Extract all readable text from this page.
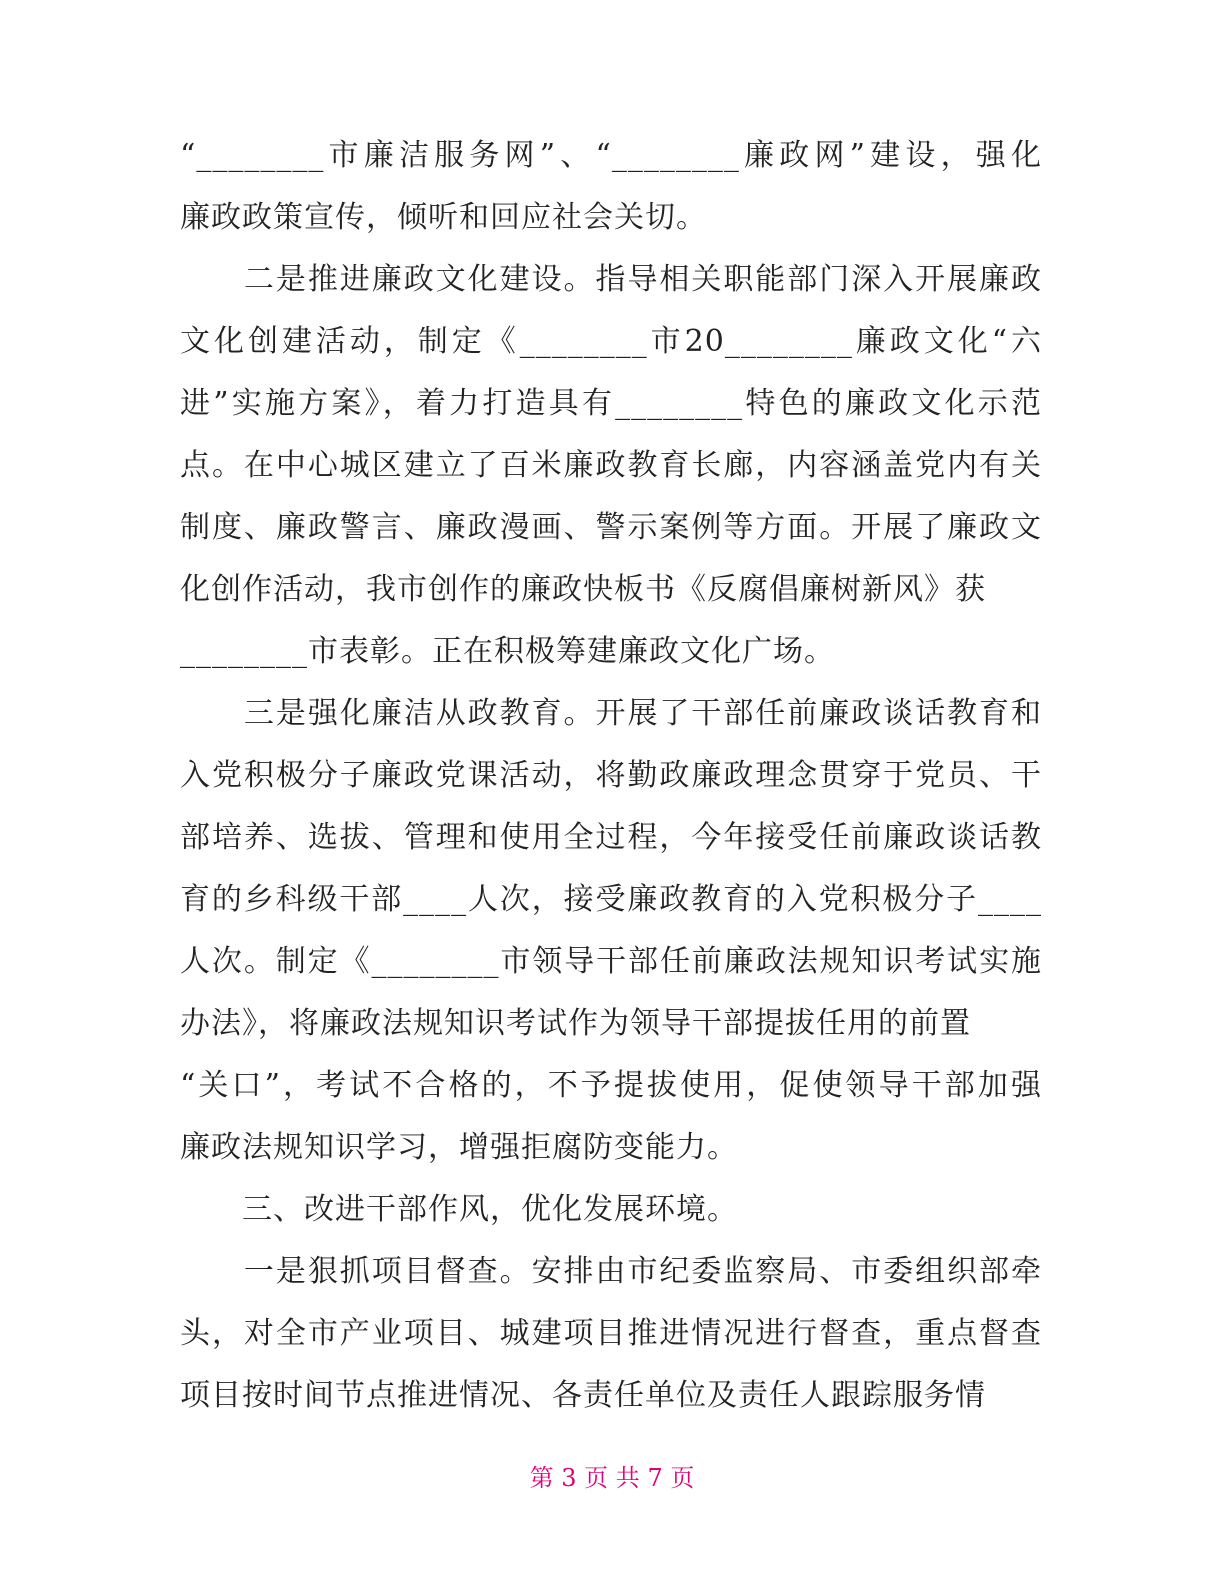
“________市廉洁服务网”、“________廉政网”建设，强化
廉政政策宣传，倾听和回应社会关切。
　　二是推进廉政文化建设。指导相关职能部门深入开展廉政
文化创建活动，制定《________市20________廉政文化“六
进”实施方案》，着力打造具有________特色的廉政文化示范
点。在中心城区建立了百米廉政教育长廊，内容涵盖党内有关
制度、廉政警言、廉政漫画、警示案例等方面。开展了廉政文
化创作活动，我市创作的廉政快板书《反腐倡廉树新风》获
________市表彰。正在积极筹建廉政文化广场。
　　三是强化廉洁从政教育。开展了干部任前廉政谈话教育和
入党积极分子廉政党课活动，将勤政廉政理念贯穿于党员、干
部培养、选拔、管理和使用全过程，今年接受任前廉政谈话教
育的乡科级干部____人次，接受廉政教育的入党积极分子____
人次。制定《________市领导干部任前廉政法规知识考试实施
办法》，将廉政法规知识考试作为领导干部提拔任用的前置
“关口”，考试不合格的，不予提拔使用，促使领导干部加强
廉政法规知识学习，增强拒腐防变能力。
　　三、改进干部作风，优化发展环境。
　　一是狠抓项目督查。安排由市纪委监察局、市委组织部牵
头，对全市产业项目、城建项目推进情况进行督查，重点督查
项目按时间节点推进情况、各责任单位及责任人跟踪服务情
第 3 页 共 7 页
